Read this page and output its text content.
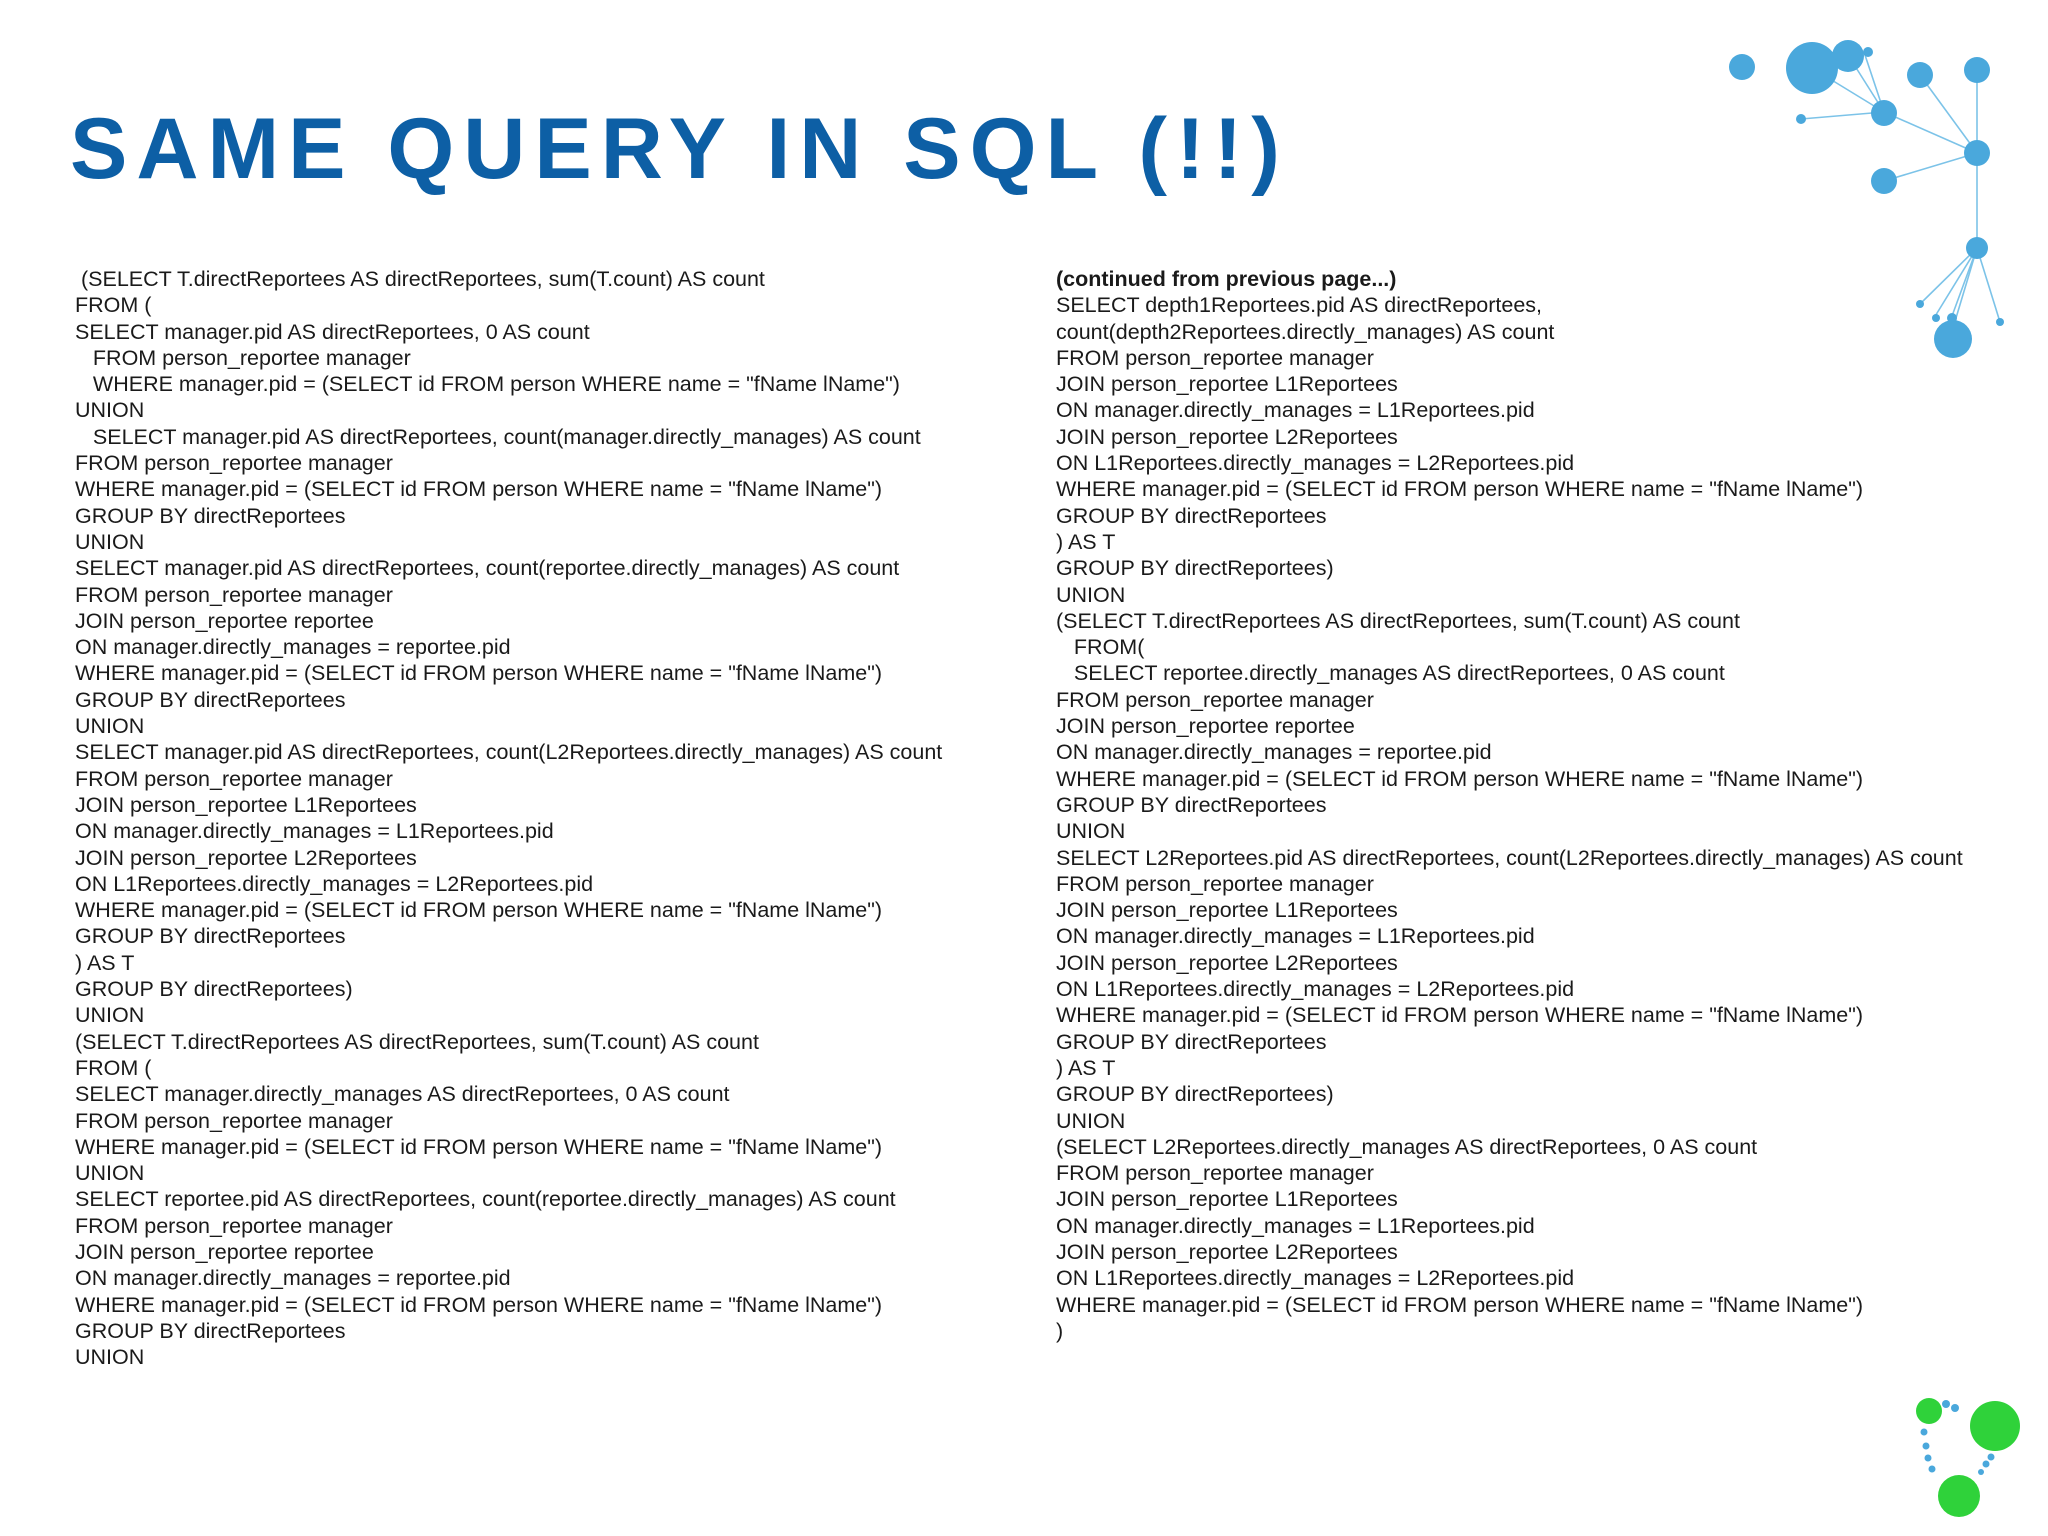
SAME QUERY IN SQL (!!)
(SELECT T.directReportees AS directReportees, sum(T.count) AS count
FROM (
SELECT manager.pid AS directReportees, 0 AS count
FROM person_reportee manager
WHERE manager.pid = (SELECT id FROM person WHERE name = "fName lName")
UNION
SELECT manager.pid AS directReportees, count(manager.directly_manages) AS count
FROM person_reportee manager
WHERE manager.pid = (SELECT id FROM person WHERE name = "fName lName")
GROUP BY directReportees
UNION
SELECT manager.pid AS directReportees, count(reportee.directly_manages) AS count
FROM person_reportee manager
JOIN person_reportee reportee
ON manager.directly_manages = reportee.pid
WHERE manager.pid = (SELECT id FROM person WHERE name = "fName lName")
GROUP BY directReportees
UNION
SELECT manager.pid AS directReportees, count(L2Reportees.directly_manages) AS count
FROM person_reportee manager
JOIN person_reportee L1Reportees
ON manager.directly_manages = L1Reportees.pid
JOIN person_reportee L2Reportees
ON L1Reportees.directly_manages = L2Reportees.pid
WHERE manager.pid = (SELECT id FROM person WHERE name = "fName lName")
GROUP BY directReportees
) AS T
GROUP BY directReportees)
UNION
(SELECT T.directReportees AS directReportees, sum(T.count) AS count
FROM (
SELECT manager.directly_manages AS directReportees, 0 AS count
FROM person_reportee manager
WHERE manager.pid = (SELECT id FROM person WHERE name = "fName lName")
UNION
SELECT reportee.pid AS directReportees, count(reportee.directly_manages) AS count
FROM person_reportee manager
JOIN person_reportee reportee
ON manager.directly_manages = reportee.pid
WHERE manager.pid = (SELECT id FROM person WHERE name = "fName lName")
GROUP BY directReportees
UNION
(continued from previous page...)
SELECT depth1Reportees.pid AS directReportees,
count(depth2Reportees.directly_manages) AS count
FROM person_reportee manager
JOIN person_reportee L1Reportees
ON manager.directly_manages = L1Reportees.pid
JOIN person_reportee L2Reportees
ON L1Reportees.directly_manages = L2Reportees.pid
WHERE manager.pid = (SELECT id FROM person WHERE name = "fName lName")
GROUP BY directReportees
) AS T
GROUP BY directReportees)
UNION
(SELECT T.directReportees AS directReportees, sum(T.count) AS count
FROM(
SELECT reportee.directly_manages AS directReportees, 0 AS count
FROM person_reportee manager
JOIN person_reportee reportee
ON manager.directly_manages = reportee.pid
WHERE manager.pid = (SELECT id FROM person WHERE name = "fName lName")
GROUP BY directReportees
UNION
SELECT L2Reportees.pid AS directReportees, count(L2Reportees.directly_manages) AS count
FROM person_reportee manager
JOIN person_reportee L1Reportees
ON manager.directly_manages = L1Reportees.pid
JOIN person_reportee L2Reportees
ON L1Reportees.directly_manages = L2Reportees.pid
WHERE manager.pid = (SELECT id FROM person WHERE name = "fName lName")
GROUP BY directReportees
) AS T
GROUP BY directReportees)
UNION
(SELECT L2Reportees.directly_manages AS directReportees, 0 AS count
FROM person_reportee manager
JOIN person_reportee L1Reportees
ON manager.directly_manages = L1Reportees.pid
JOIN person_reportee L2Reportees
ON L1Reportees.directly_manages = L2Reportees.pid
WHERE manager.pid = (SELECT id FROM person WHERE name = "fName lName")
)
